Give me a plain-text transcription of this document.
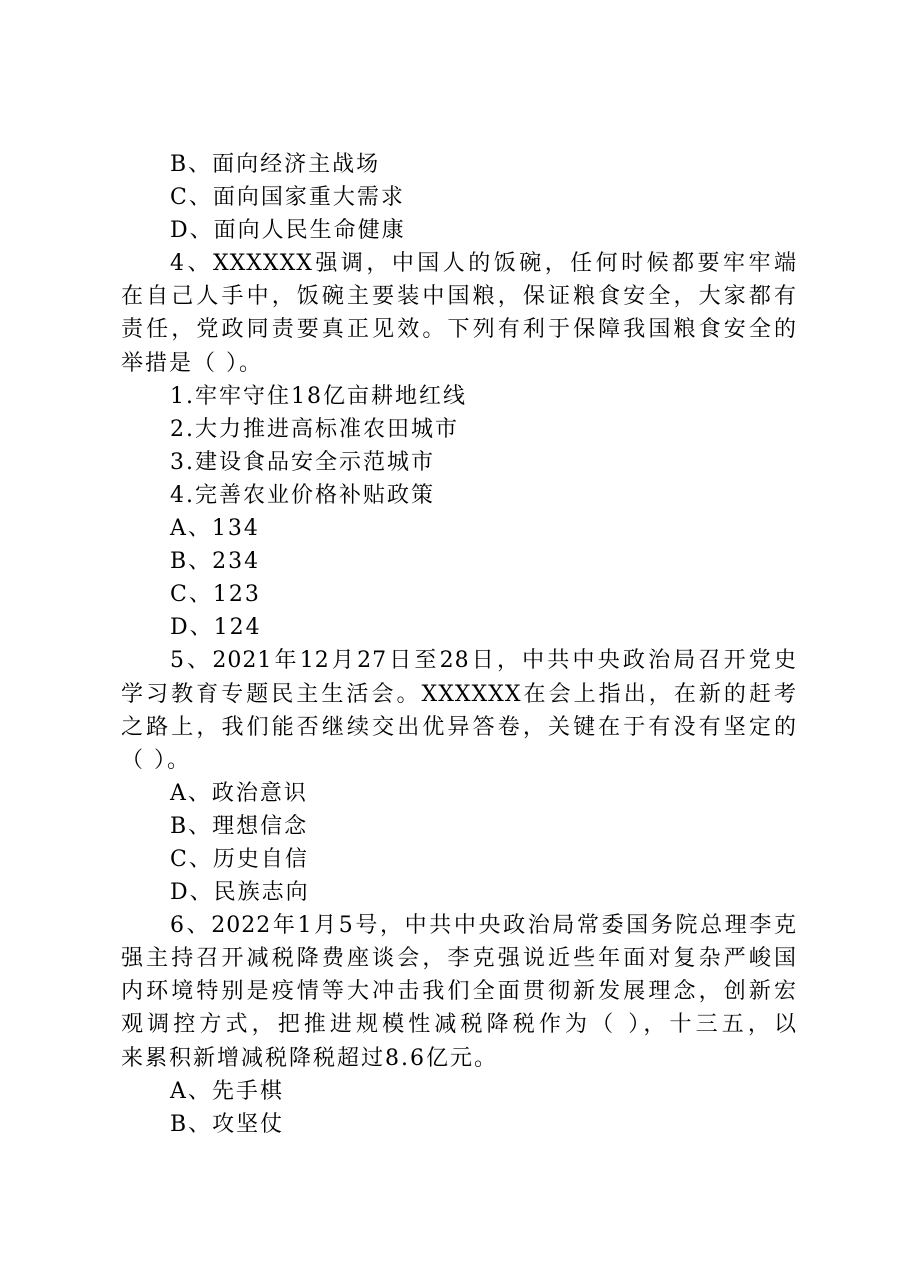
B、面向经济主战场
C、面向国家重大需求
D、面向人民生命健康
4、XXXXXX强调，中国人的饭碗，任何时候都要牢牢端
在自己人手中，饭碗主要装中国粮，保证粮食安全，大家都有
责任，党政同责要真正见效。下列有利于保障我国粮食安全的
举措是（ ）。
1.牢牢守住18亿亩耕地红线
2.大力推进高标准农田城市
3.建设食品安全示范城市
4.完善农业价格补贴政策
A、134
B、234
C、123
D、124
5、2021年12月27日至28日，中共中央政治局召开党史
学习教育专题民主生活会。XXXXXX在会上指出，在新的赶考
之路上，我们能否继续交出优异答卷，关键在于有没有坚定的
（ ）。
A、政治意识
B、理想信念
C、历史自信
D、民族志向
6、2022年1月5号，中共中央政治局常委国务院总理李克
强主持召开减税降费座谈会，李克强说近些年面对复杂严峻国
内环境特别是疫情等大冲击我们全面贯彻新发展理念，创新宏
观调控方式，把推进规模性减税降税作为（ ），十三五，以
来累积新增减税降税超过8.6亿元。
A、先手棋
B、攻坚仗
